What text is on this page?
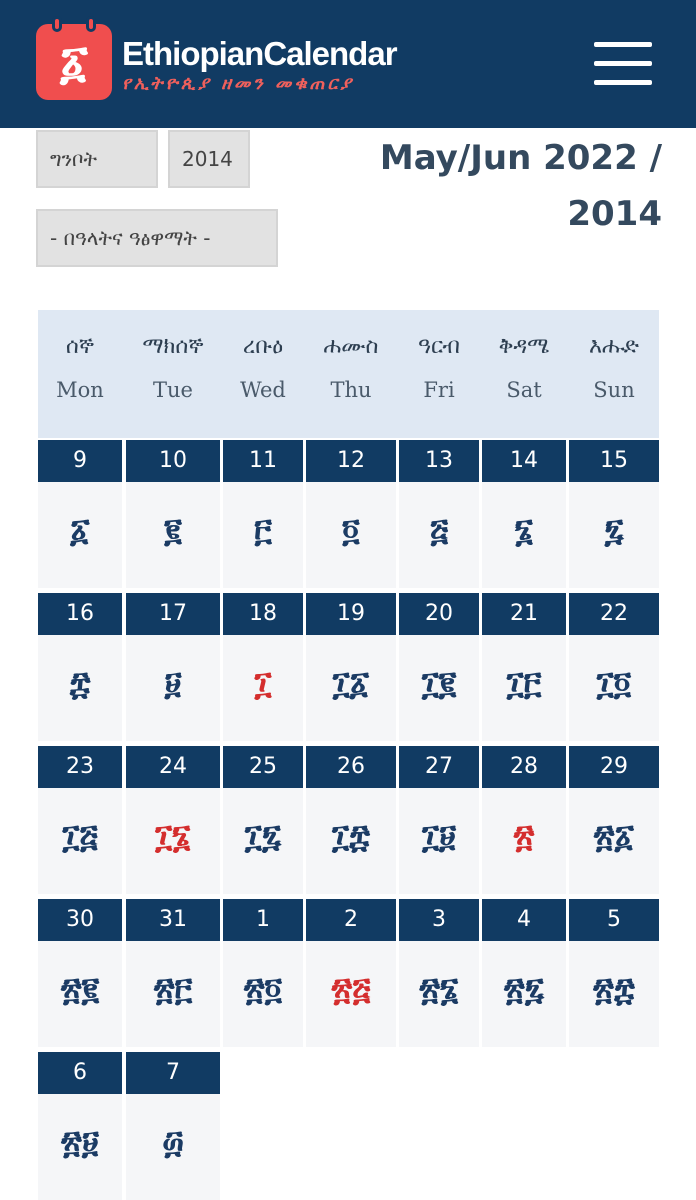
፩	EthiopianCalendar
የኢትዮጲያ ዘመን መቁጠርያ
ግንቦት	2014
- በዓላትና ዓፅዋማት -
May/Jun 2022 / 2014
ሰኞ
Mon
ማክሰኞ
Tue
ረቡዕ
Wed
ሐሙስ
Thu
ዓርብ
Fri
ቅዳሜ
Sat
እሑድ
Sun
9
፩
10
፪
11
፫
12
፬
13
፭
14
፮
15
፯
16
፰
17
፱
18
፲
19
፲፩
20
፲፪
21
፲፫
22
፲፬
23
፲፭
24
፲፮
25
፲፯
26
፲፰
27
፲፱
28
፳
29
፳፩
30
፳፪
31
፳፫
1
፳፬
2
፳፭
3
፳፮
4
፳፯
5
፳፰
6
፳፱
7
፴
